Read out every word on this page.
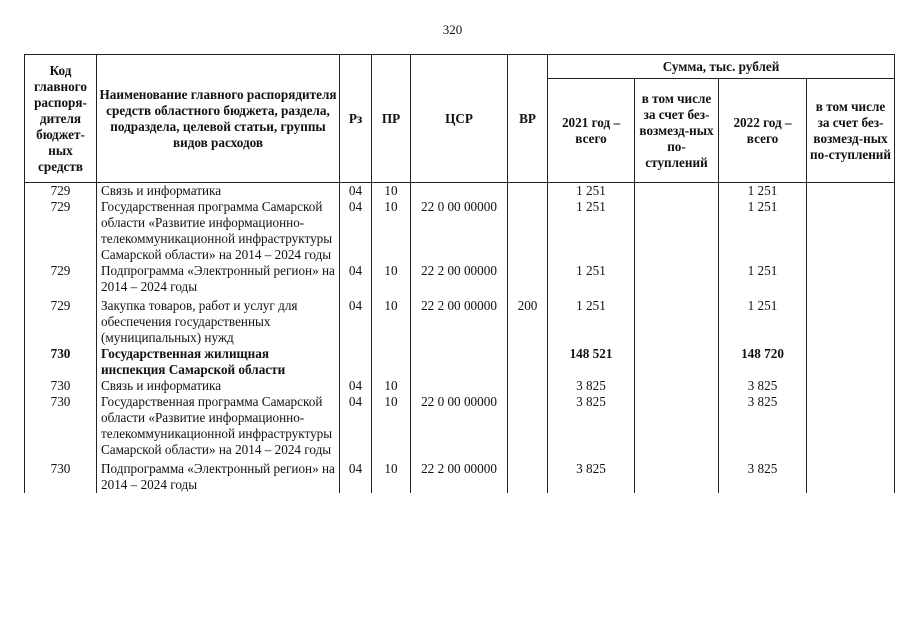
320
Код главного распоря-дителя бюджет-ных средств	Наименование главного распорядителя средств областного бюджета, раздела, подраздела, целевой статьи, группы видов расходов	Рз	ПР	ЦСР	ВР	Сумма, тыс. рублей			
						2021 год – всего	в том числе за счет без-возмезд-ных по-ступлений	2022 год – всего	в том числе за счет без-возмезд-ных по-ступлений
729	Связь и информатика	04	10			1 251		1 251	
729	Государственная программа Самарской области «Развитие информационно-телекоммуникационной инфраструктуры Самарской области» на 2014 – 2024 годы	04	10	22 0 00 00000		1 251		1 251	
729	Подпрограмма «Электронный регион» на 2014 – 2024 годы	04	10	22 2 00 00000		1 251		1 251	
729	Закупка товаров, работ и услуг для обеспечения государственных (муниципальных) нужд	04	10	22 2 00 00000	200	1 251		1 251	
730	Государственная жилищная инспекция Самарской области					148 521		148 720	
730	Связь и информатика	04	10			3 825		3 825	
730	Государственная программа Самарской области «Развитие информационно-телекоммуникационной инфраструктуры Самарской области» на 2014 – 2024 годы	04	10	22 0 00 00000		3 825		3 825	
730	Подпрограмма «Электронный регион» на 2014 – 2024 годы	04	10	22 2 00 00000		3 825		3 825	
